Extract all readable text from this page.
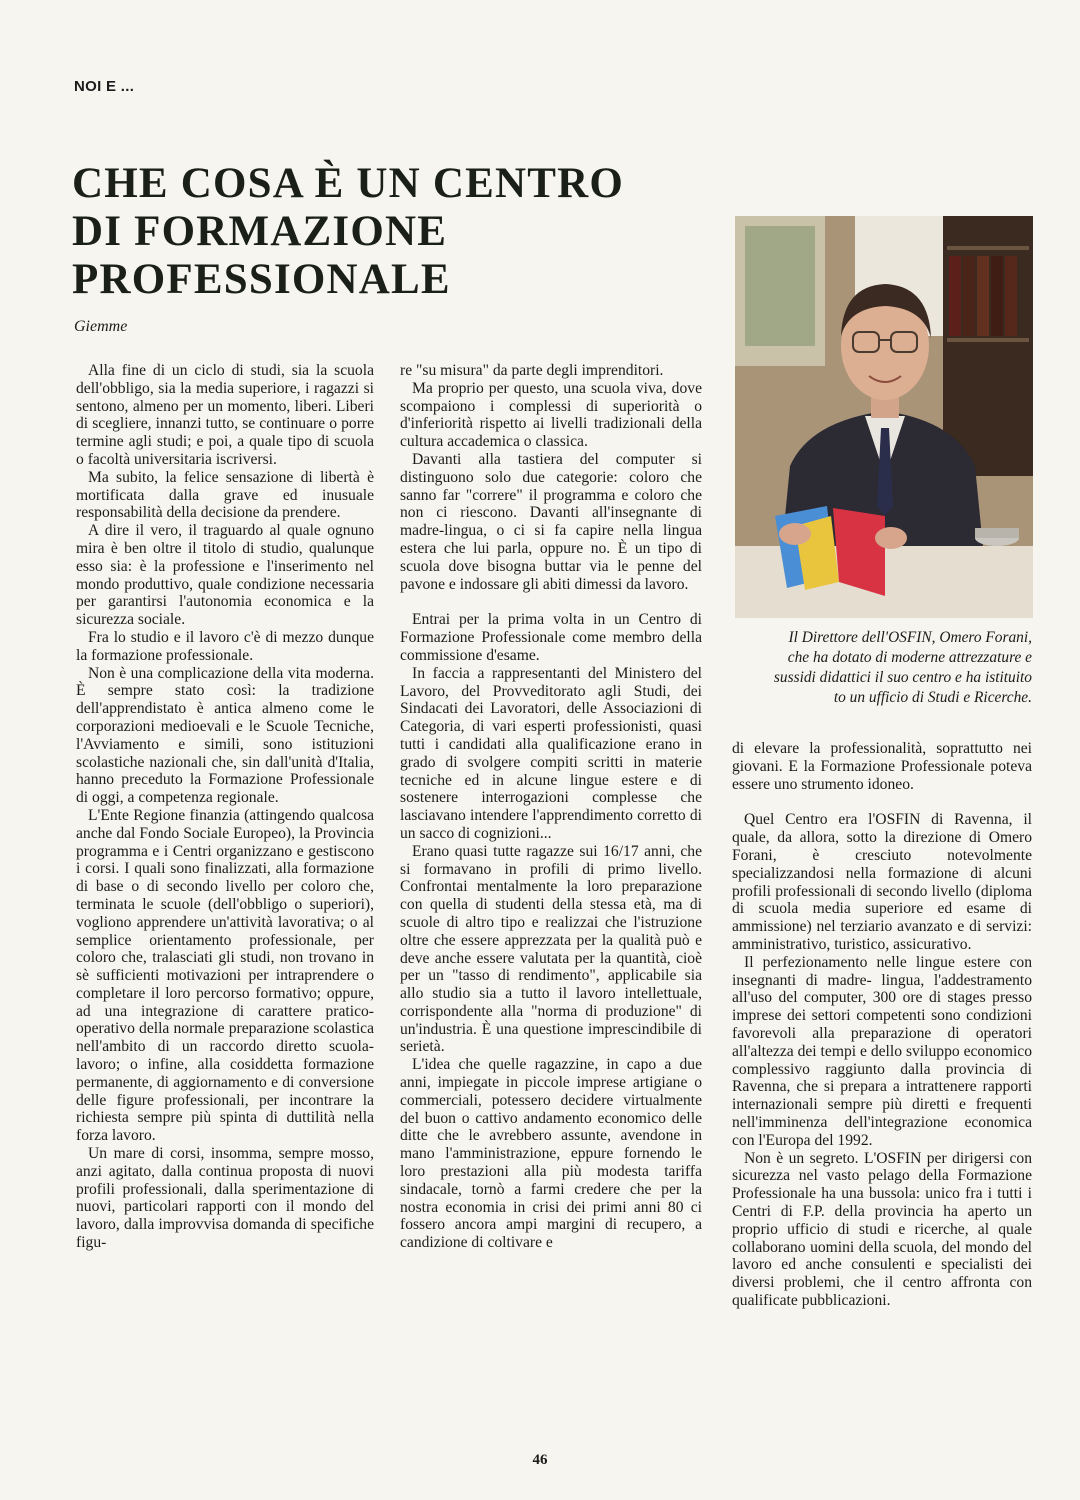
NOI E ...
CHE COSA È UN CENTRO
DI FORMAZIONE
PROFESSIONALE
Giemme

Alla fine di un ciclo di studi, sia la scuola dell'obbligo, sia la media superiore, i ragazzi si sentono, almeno per un momento, liberi. Liberi di scegliere, innanzi tutto, se continuare o porre termine agli studi; e poi, a quale tipo di scuola o facoltà universitaria iscriversi.

Ma subito, la felice sensazione di libertà è mortificata dalla grave ed inusuale responsabilità della decisione da prendere.

A dire il vero, il traguardo al quale ognuno mira è ben oltre il titolo di studio, qualunque esso sia: è la professione e l'inserimento nel mondo produttivo, quale condizione necessaria per garantirsi l'autonomia economica e la sicurezza sociale.

Fra lo studio e il lavoro c'è di mezzo dunque la formazione professionale.

Non è una complicazione della vita moderna. È sempre stato così: la tradizione dell'apprendistato è antica almeno come le corporazioni medioevali e le Scuole Tecniche, l'Avviamento e simili, sono istituzioni scolastiche nazionali che, sin dall'unità d'Italia, hanno preceduto la Formazione Professionale di oggi, a competenza regionale.

L'Ente Regione finanzia (attingendo qualcosa anche dal Fondo Sociale Europeo), la Provincia programma e i Centri organizzano e gestiscono i corsi. I quali sono finalizzati, alla formazione di base o di secondo livello per coloro che, terminata le scuole (dell'obbligo o superiori), vogliono apprendere un'attività lavorativa; o al semplice orientamento professionale, per coloro che, tralasciati gli studi, non trovano in sè sufficienti motivazioni per intraprendere o completare il loro percorso formativo; oppure, ad una integrazione di carattere pratico- operativo della normale preparazione scolastica nell'ambito di un raccordo diretto scuola-lavoro; o infine, alla cosiddetta formazione permanente, di aggiornamento e di conversione delle figure professionali, per incontrare la richiesta sempre più spinta di duttilità nella forza lavoro.

Un mare di corsi, insomma, sempre mosso, anzi agitato, dalla continua proposta di nuovi profili professionali, dalla sperimentazione di nuovi, particolari rapporti con il mondo del lavoro, dalla improvvisa domanda di specifiche figu-

re "su misura" da parte degli imprenditori.

Ma proprio per questo, una scuola viva, dove scompaiono i complessi di superiorità o d'inferiorità rispetto ai livelli tradizionali della cultura accademica o classica.

Davanti alla tastiera del computer si distinguono solo due categorie: coloro che sanno far "correre" il programma e coloro che non ci riescono. Davanti all'insegnante di madre-lingua, o ci si fa capire nella lingua estera che lui parla, oppure no. È un tipo di scuola dove bisogna buttar via le penne del pavone e indossare gli abiti dimessi da lavoro.

Entrai per la prima volta in un Centro di Formazione Professionale come membro della commissione d'esame.

In faccia a rappresentanti del Ministero del Lavoro, del Provveditorato agli Studi, dei Sindacati dei Lavoratori, delle Associazioni di Categoria, di vari esperti professionisti, quasi tutti i candidati alla qualificazione erano in grado di svolgere compiti scritti in materie tecniche ed in alcune lingue estere e di sostenere interrogazioni complesse che lasciavano intendere l'apprendimento corretto di un sacco di cognizioni...

Erano quasi tutte ragazze sui 16/17 anni, che si formavano in profili di primo livello. Confrontai mentalmente la loro preparazione con quella di studenti della stessa età, ma di scuole di altro tipo e realizzai che l'istruzione oltre che essere apprezzata per la qualità può e deve anche essere valutata per la quantità, cioè per un "tasso di rendimento", applicabile sia allo studio sia a tutto il lavoro intellettuale, corrispondente alla "norma di produzione" di un'industria. È una questione imprescindibile di serietà.

L'idea che quelle ragazzine, in capo a due anni, impiegate in piccole imprese artigiane o commerciali, potessero decidere virtualmente del buon o cattivo andamento economico delle ditte che le avrebbero assunte, avendone in mano l'amministrazione, eppure fornendo le loro prestazioni alla più modesta tariffa sindacale, tornò a farmi credere che per la nostra economia in crisi dei primi anni 80 ci fossero ancora ampi margini di recupero, a candizione di coltivare e

Il Direttore dell'OSFIN, Omero Forani,
che ha dotato di moderne attrezzature e
sussidi didattici il suo centro e ha istituito
to un ufficio di Studi e Ricerche.

di elevare la professionalità, soprattutto nei giovani. E la Formazione Professionale poteva essere uno strumento idoneo.

Quel Centro era l'OSFIN di Ravenna, il quale, da allora, sotto la direzione di Omero Forani, è cresciuto notevolmente specializzandosi nella formazione di alcuni profili professionali di secondo livello (diploma di scuola media superiore ed esame di ammissione) nel terziario avanzato e di servizi: amministrativo, turistico, assicurativo.

Il perfezionamento nelle lingue estere con insegnanti di madre- lingua, l'addestramento all'uso del computer, 300 ore di stages presso imprese dei settori competenti sono condizioni favorevoli alla preparazione di operatori all'altezza dei tempi e dello sviluppo economico complessivo raggiunto dalla provincia di Ravenna, che si prepara a intrattenere rapporti internazionali sempre più diretti e frequenti nell'imminenza dell'integrazione economica con l'Europa del 1992.

Non è un segreto. L'OSFIN per dirigersi con sicurezza nel vasto pelago della Formazione Professionale ha una bussola: unico fra i tutti i Centri di F.P. della provincia ha aperto un proprio ufficio di studi e ricerche, al quale collaborano uomini della scuola, del mondo del lavoro ed anche consulenti e specialisti dei diversi problemi, che il centro affronta con qualificate pubblicazioni.

46
